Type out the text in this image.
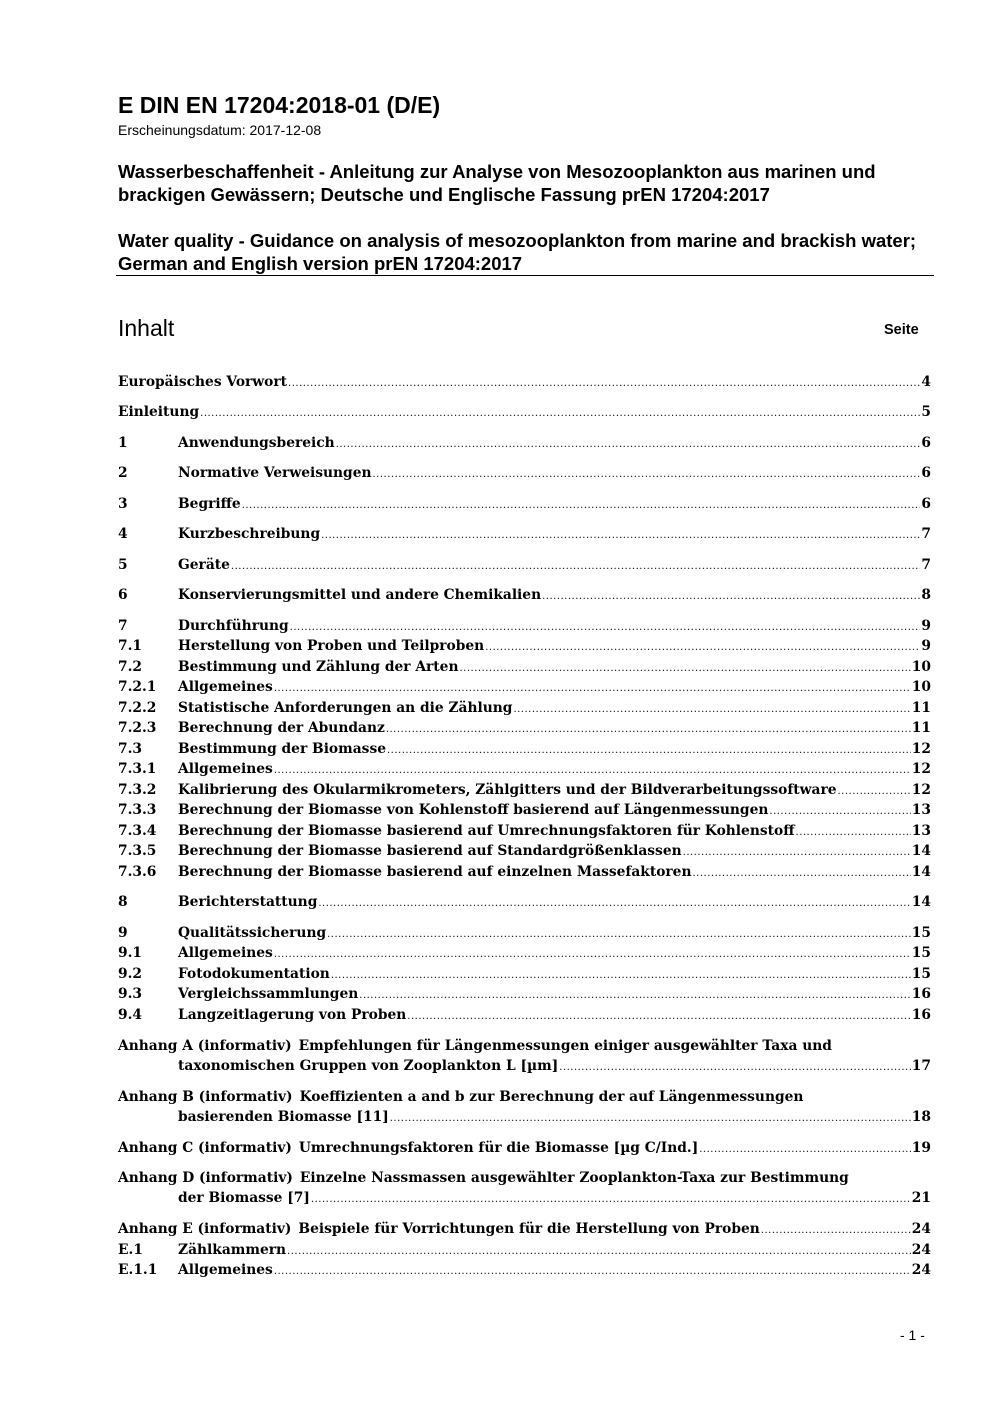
E DIN EN 17204:2018-01 (D/E)
Erscheinungsdatum: 2017-12-08
Wasserbeschaffenheit - Anleitung zur Analyse von Mesozooplankton aus marinen und brackigen Gewässern; Deutsche und Englische Fassung prEN 17204:2017
Water quality - Guidance on analysis of mesozooplankton from marine and brackish water; German and English version prEN 17204:2017
Inhalt	Seite
Europäisches Vorwort .....	4
Einleitung .....	5
1	Anwendungsbereich .....	6
2	Normative Verweisungen .....	6
3	Begriffe .....	6
4	Kurzbeschreibung .....	7
5	Geräte .....	7
6	Konservierungsmittel und andere Chemikalien .....	8
7	Durchführung .....	9
7.1	Herstellung von Proben und Teilproben .....	9
7.2	Bestimmung und Zählung der Arten .....	10
7.2.1	Allgemeines .....	10
7.2.2	Statistische Anforderungen an die Zählung .....	11
7.2.3	Berechnung der Abundanz .....	11
7.3	Bestimmung der Biomasse .....	12
7.3.1	Allgemeines .....	12
7.3.2	Kalibrierung des Okularmikrometers, Zählgitters und der Bildverarbeitungssoftware .....	12
7.3.3	Berechnung der Biomasse von Kohlenstoff basierend auf Längenmessungen .....	13
7.3.4	Berechnung der Biomasse basierend auf Umrechnungsfaktoren für Kohlenstoff .....	13
7.3.5	Berechnung der Biomasse basierend auf Standardgrößenklassen .....	14
7.3.6	Berechnung der Biomasse basierend auf einzelnen Massefaktoren .....	14
8	Berichterstattung .....	14
9	Qualitätssicherung .....	15
9.1	Allgemeines .....	15
9.2	Fotodokumentation .....	15
9.3	Vergleichssammlungen .....	16
9.4	Langzeitlagerung von Proben .....	16
Anhang A (informativ) Empfehlungen für Längenmessungen einiger ausgewählter Taxa und
taxonomischen Gruppen von Zooplankton L [µm] .....	17
Anhang B (informativ) Koeffizienten a and b zur Berechnung der auf Längenmessungen
basierenden Biomasse [11] .....	18
Anhang C (informativ) Umrechnungsfaktoren für die Biomasse [µg C/Ind.] .....	19
Anhang D (informativ) Einzelne Nassmassen ausgewählter Zooplankton-Taxa zur Bestimmung
der Biomasse [7] .....	21
Anhang E (informativ) Beispiele für Vorrichtungen für die Herstellung von Proben .....	24
E.1	Zählkammern .....	24
E.1.1	Allgemeines .....	24
- 1 -
